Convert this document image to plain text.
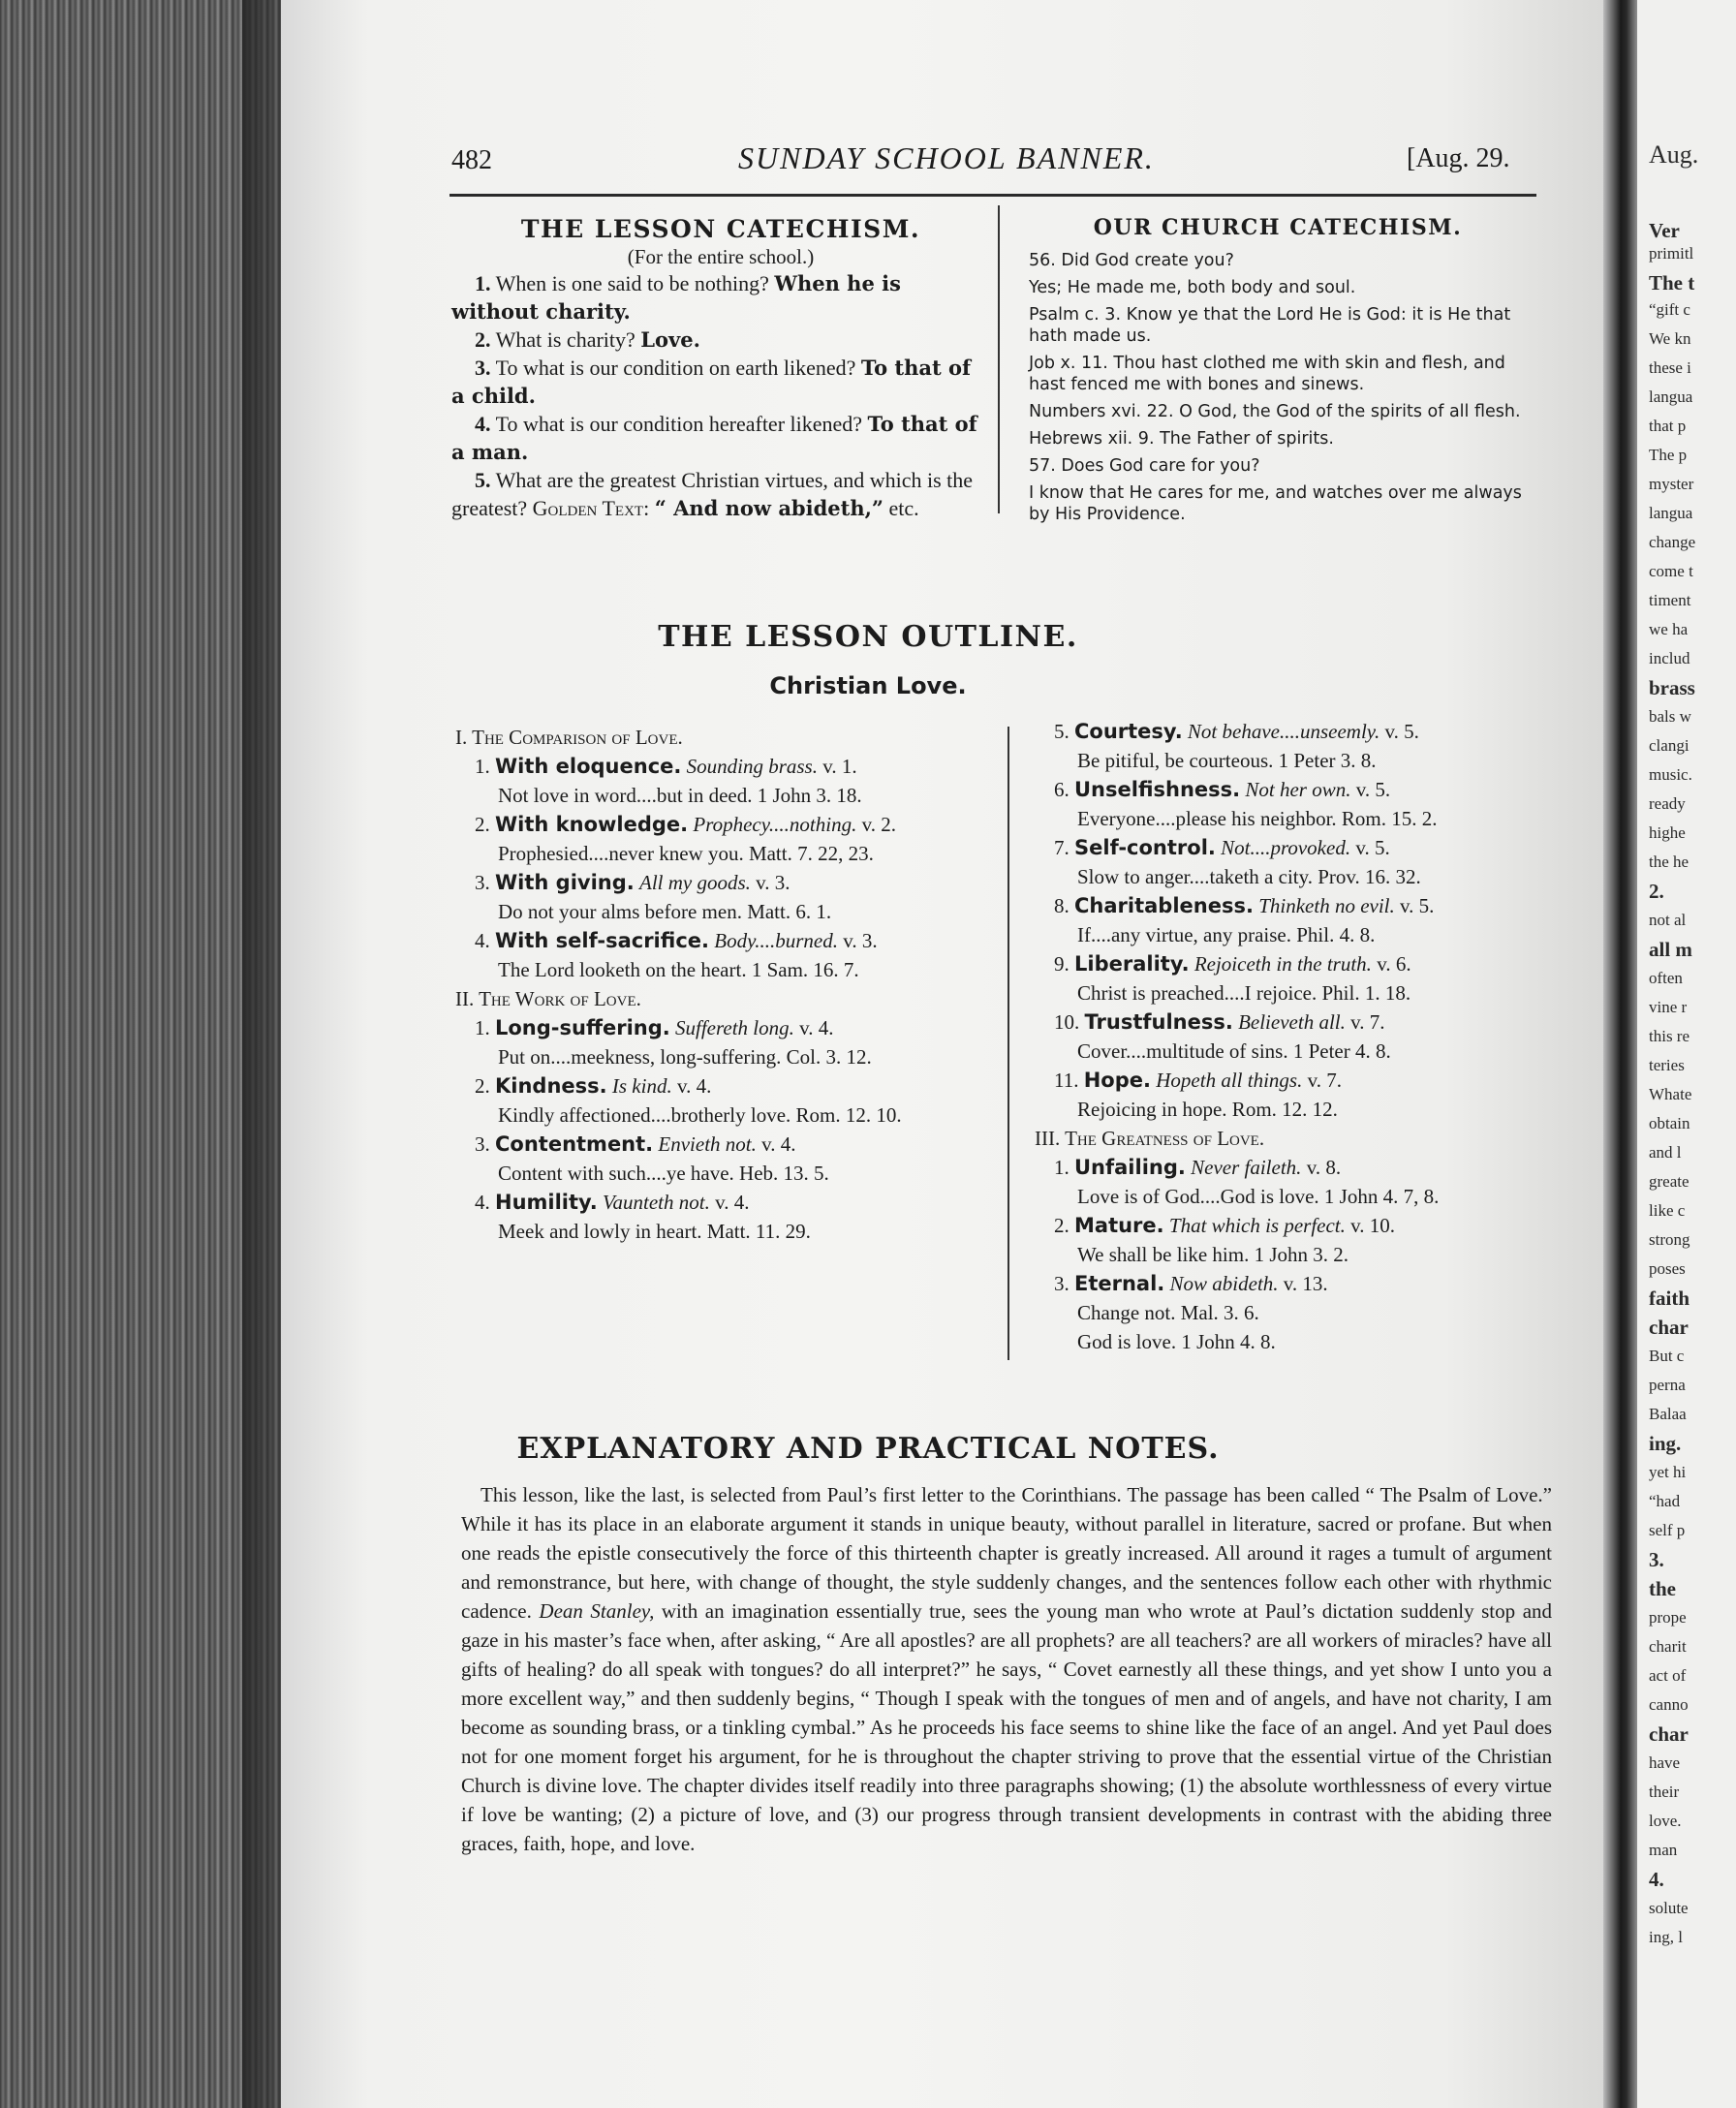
Aug.
Ver
primitl
The t
“gift c
We kn
these i
langua
that p
The p
myster
langua
change
come t
timent
we ha
includ
brass
bals w
clangi
music.
ready
highe
the he
2.
not al
all m
often
vine r
this re
teries
Whate
obtain
and l
greate
like c
strong
poses
faith
char
But c
perna
Balaa
ing.
yet hi
“had
self p
3.
the
prope
charit
act of
canno
char
have
their
love.
man
4.
solute
ing, l
482	SUNDAY SCHOOL BANNER.	[Aug. 29.
THE LESSON CATECHISM.
(For the entire school.)
1. When is one said to be nothing? When he is without charity.
2. What is charity? Love.
3. To what is our condition on earth likened? To that of a child.
4. To what is our condition hereafter likened? To that of a man.
5. What are the greatest Christian virtues, and which is the greatest? Golden Text: “ And now abideth,” etc.
OUR CHURCH CATECHISM.
56. Did God create you?
Yes; He made me, both body and soul.
Psalm c. 3. Know ye that the Lord He is God: it is He that hath made us.
Job x. 11. Thou hast clothed me with skin and flesh, and hast fenced me with bones and sinews.
Numbers xvi. 22. O God, the God of the spirits of all flesh.
Hebrews xii. 9. The Father of spirits.
57. Does God care for you?
I know that He cares for me, and watches over me always by His Providence.
THE LESSON OUTLINE.
Christian Love.
I. The Comparison of Love.
1. With eloquence. Sounding brass. v. 1.
Not love in word....but in deed. 1 John 3. 18.
2. With knowledge. Prophecy....nothing. v. 2.
Prophesied....never knew you. Matt. 7. 22, 23.
3. With giving. All my goods. v. 3.
Do not your alms before men. Matt. 6. 1.
4. With self-sacrifice. Body....burned. v. 3.
The Lord looketh on the heart. 1 Sam. 16. 7.
II. The Work of Love.
1. Long-suffering. Suffereth long. v. 4.
Put on....meekness, long-suffering. Col. 3. 12.
2. Kindness. Is kind. v. 4.
Kindly affectioned....brotherly love. Rom. 12. 10.
3. Contentment. Envieth not. v. 4.
Content with such....ye have. Heb. 13. 5.
4. Humility. Vaunteth not. v. 4.
Meek and lowly in heart. Matt. 11. 29.
5. Courtesy. Not behave....unseemly. v. 5.
Be pitiful, be courteous. 1 Peter 3. 8.
6. Unselfishness. Not her own. v. 5.
Everyone....please his neighbor. Rom. 15. 2.
7. Self-control. Not....provoked. v. 5.
Slow to anger....taketh a city. Prov. 16. 32.
8. Charitableness. Thinketh no evil. v. 5.
If....any virtue, any praise. Phil. 4. 8.
9. Liberality. Rejoiceth in the truth. v. 6.
Christ is preached....I rejoice. Phil. 1. 18.
10. Trustfulness. Believeth all. v. 7.
Cover....multitude of sins. 1 Peter 4. 8.
11. Hope. Hopeth all things. v. 7.
Rejoicing in hope. Rom. 12. 12.
III. The Greatness of Love.
1. Unfailing. Never faileth. v. 8.
Love is of God....God is love. 1 John 4. 7, 8.
2. Mature. That which is perfect. v. 10.
We shall be like him. 1 John 3. 2.
3. Eternal. Now abideth. v. 13.
Change not. Mal. 3. 6.
God is love. 1 John 4. 8.
EXPLANATORY AND PRACTICAL NOTES.
This lesson, like the last, is selected from Paul’s first letter to the Corinthians. The passage has been called “ The Psalm of Love.” While it has its place in an elaborate argument it stands in unique beauty, without parallel in literature, sacred or profane. But when one reads the epistle consecutively the force of this thirteenth chapter is greatly increased. All around it rages a tumult of argument and remonstrance, but here, with change of thought, the style suddenly changes, and the sentences follow each other with rhythmic cadence. Dean Stanley, with an imagination essentially true, sees the young man who wrote at Paul’s dictation suddenly stop and gaze in his master’s face when, after asking, “ Are all apostles? are all prophets? are all teachers? are all workers of miracles? have all gifts of healing? do all speak with tongues? do all interpret?” he says, “ Covet earnestly all these things, and yet show I unto you a more excellent way,” and then suddenly begins, “ Though I speak with the tongues of men and of angels, and have not charity, I am become as sounding brass, or a tinkling cymbal.” As he proceeds his face seems to shine like the face of an angel. And yet Paul does not for one moment forget his argument, for he is throughout the chapter striving to prove that the essential virtue of the Christian Church is divine love. The chapter divides itself readily into three paragraphs showing; (1) the absolute worthlessness of every virtue if love be wanting; (2) a picture of love, and (3) our progress through transient developments in contrast with the abiding three graces, faith, hope, and love.
